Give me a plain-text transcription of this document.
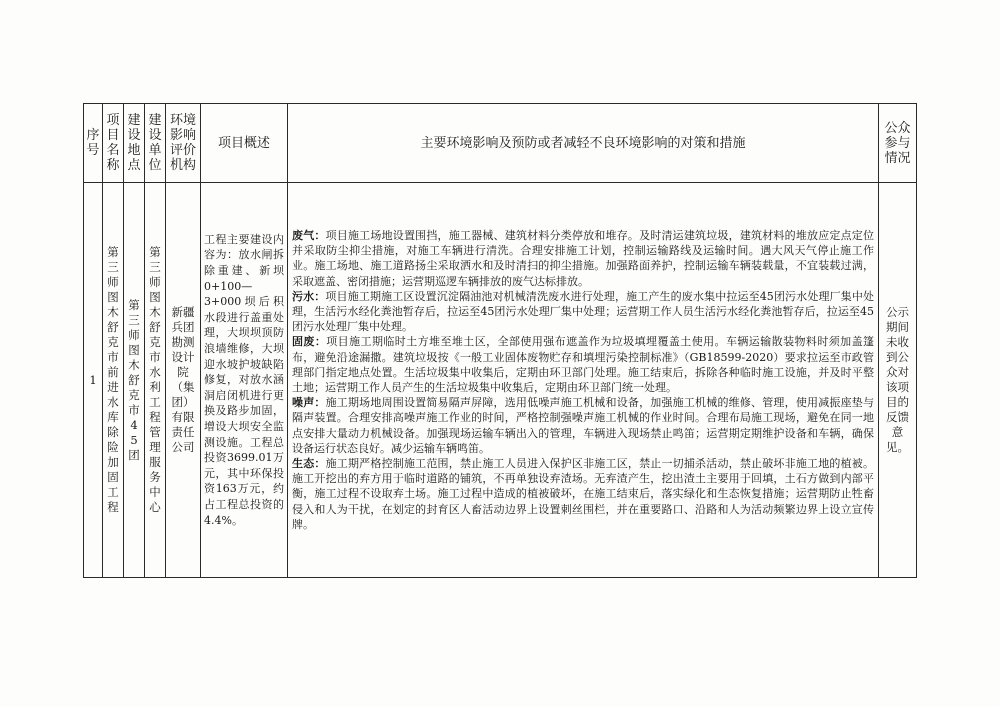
序号	项目名称	建设地点	建设单位	环境影响评价机构	项目概述	主要环境影响及预防或者减轻不良环境影响的对策和措施	公众参与情况

1	第三师图木舒克市前进水库除险加固工程	第三师图木舒克市45团	第三师图木舒克市水利工程管理服务中心	新疆兵团勘测设计院（集团）有限责任公司	工程主要建设内容为：放水闸拆除重建、新坝0+100—3+000坝后积水段进行盖重处理，大坝坝顶防浪墙维修，大坝迎水坡护坡缺陷修复，对放水涵洞启闭机进行更换及路步加固，增设大坝安全监测设施。工程总投资3699.01万元，其中环保投资163万元，约占工程总投资的4.4%。	废气：项目施工场地设置围挡，施工器械、建筑材料分类停放和堆存。及时清运建筑垃圾，建筑材料的堆放应定点定位并采取防尘抑尘措施，对施工车辆进行清洗。合理安排施工计划，控制运输路线及运输时间。遇大风天气停止施工作业。施工场地、施工道路扬尘采取洒水和及时清扫的抑尘措施。加强路面养护，控制运输车辆装载量，不宜装载过满，采取遮盖、密闭措施；运营期巡逻车辆排放的废气达标排放。

污水：项目施工期施工区设置沉淀隔油池对机械清洗废水进行处理，施工产生的废水集中拉运至45团污水处理厂集中处理，生活污水经化粪池暂存后，拉运至45团污水处理厂集中处理；运营期工作人员生活污水经化粪池暂存后，拉运至45团污水处理厂集中处理。

固废：项目施工期临时土方堆至堆土区，全部使用强布遮盖作为垃圾填埋覆盖土使用。车辆运输散装物料时须加盖篷布，避免沿途漏撒。建筑垃圾按《一般工业固体废物贮存和填埋污染控制标准》（GB18599-2020）要求拉运至市政管理部门指定地点处置。生活垃圾集中收集后，定期由环卫部门处理。施工结束后，拆除各种临时施工设施，并及时平整土地；运营期工作人员产生的生活垃圾集中收集后，定期由环卫部门统一处理。

噪声：施工期场地周围设置简易隔声屏障，选用低噪声施工机械和设备，加强施工机械的维修、管理，使用减振座垫与隔声装置。合理安排高噪声施工作业的时间，严格控制强噪声施工机械的作业时间。合理布局施工现场，避免在同一地点安排大量动力机械设备。加强现场运输车辆出入的管理，车辆进入现场禁止鸣笛；运营期定期维护设备和车辆，确保设备运行状态良好。减少运输车辆鸣笛。

生态：施工期严格控制施工范围，禁止施工人员进入保护区非施工区，禁止一切捕杀活动，禁止破坏非施工地的植被。施工开挖出的弃方用于临时道路的铺筑，不再单独设弃渣场。无弃渣产生，挖出渣土主要用于回填，土石方做到内部平衡，施工过程不设取弃土场。施工过程中造成的植被破坏，在施工结束后，落实绿化和生态恢复措施；运营期防止牲畜侵入和人为干扰，在划定的封育区人畜活动边界上设置刺丝围栏，并在重要路口、沿路和人为活动频繁边界上设立宣传牌。	公示期间未收到公众对该项目的反馈意见。
